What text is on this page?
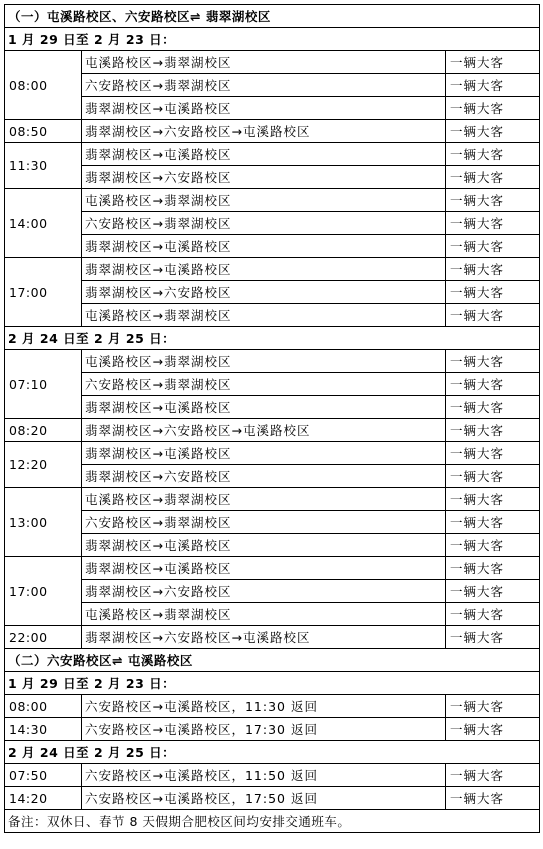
（一）屯溪路校区、六安路校区⇌ 翡翠湖校区		
1 月 29 日至 2 月 23 日：		
08:00	屯溪路校区→翡翠湖校区	一辆大客
	六安路校区→翡翠湖校区	一辆大客
	翡翠湖校区→屯溪路校区	一辆大客
08:50	翡翠湖校区→六安路校区→屯溪路校区	一辆大客
11:30	翡翠湖校区→屯溪路校区	一辆大客
	翡翠湖校区→六安路校区	一辆大客
14:00	屯溪路校区→翡翠湖校区	一辆大客
	六安路校区→翡翠湖校区	一辆大客
	翡翠湖校区→屯溪路校区	一辆大客
17:00	翡翠湖校区→屯溪路校区	一辆大客
	翡翠湖校区→六安路校区	一辆大客
	屯溪路校区→翡翠湖校区	一辆大客
2 月 24 日至 2 月 25 日：		
07:10	屯溪路校区→翡翠湖校区	一辆大客
	六安路校区→翡翠湖校区	一辆大客
	翡翠湖校区→屯溪路校区	一辆大客
08:20	翡翠湖校区→六安路校区→屯溪路校区	一辆大客
12:20	翡翠湖校区→屯溪路校区	一辆大客
	翡翠湖校区→六安路校区	一辆大客
13:00	屯溪路校区→翡翠湖校区	一辆大客
	六安路校区→翡翠湖校区	一辆大客
	翡翠湖校区→屯溪路校区	一辆大客
17:00	翡翠湖校区→屯溪路校区	一辆大客
	翡翠湖校区→六安路校区	一辆大客
	屯溪路校区→翡翠湖校区	一辆大客
22:00	翡翠湖校区→六安路校区→屯溪路校区	一辆大客
（二）六安路校区⇌ 屯溪路校区		
1 月 29 日至 2 月 23 日：		
08:00	六安路校区→屯溪路校区，11:30 返回	一辆大客
14:30	六安路校区→屯溪路校区，17:30 返回	一辆大客
2 月 24 日至 2 月 25 日：		
07:50	六安路校区→屯溪路校区，11:50 返回	一辆大客
14:20	六安路校区→屯溪路校区，17:50 返回	一辆大客
备注：双休日、春节 8 天假期合肥校区间均安排交通班车。		
